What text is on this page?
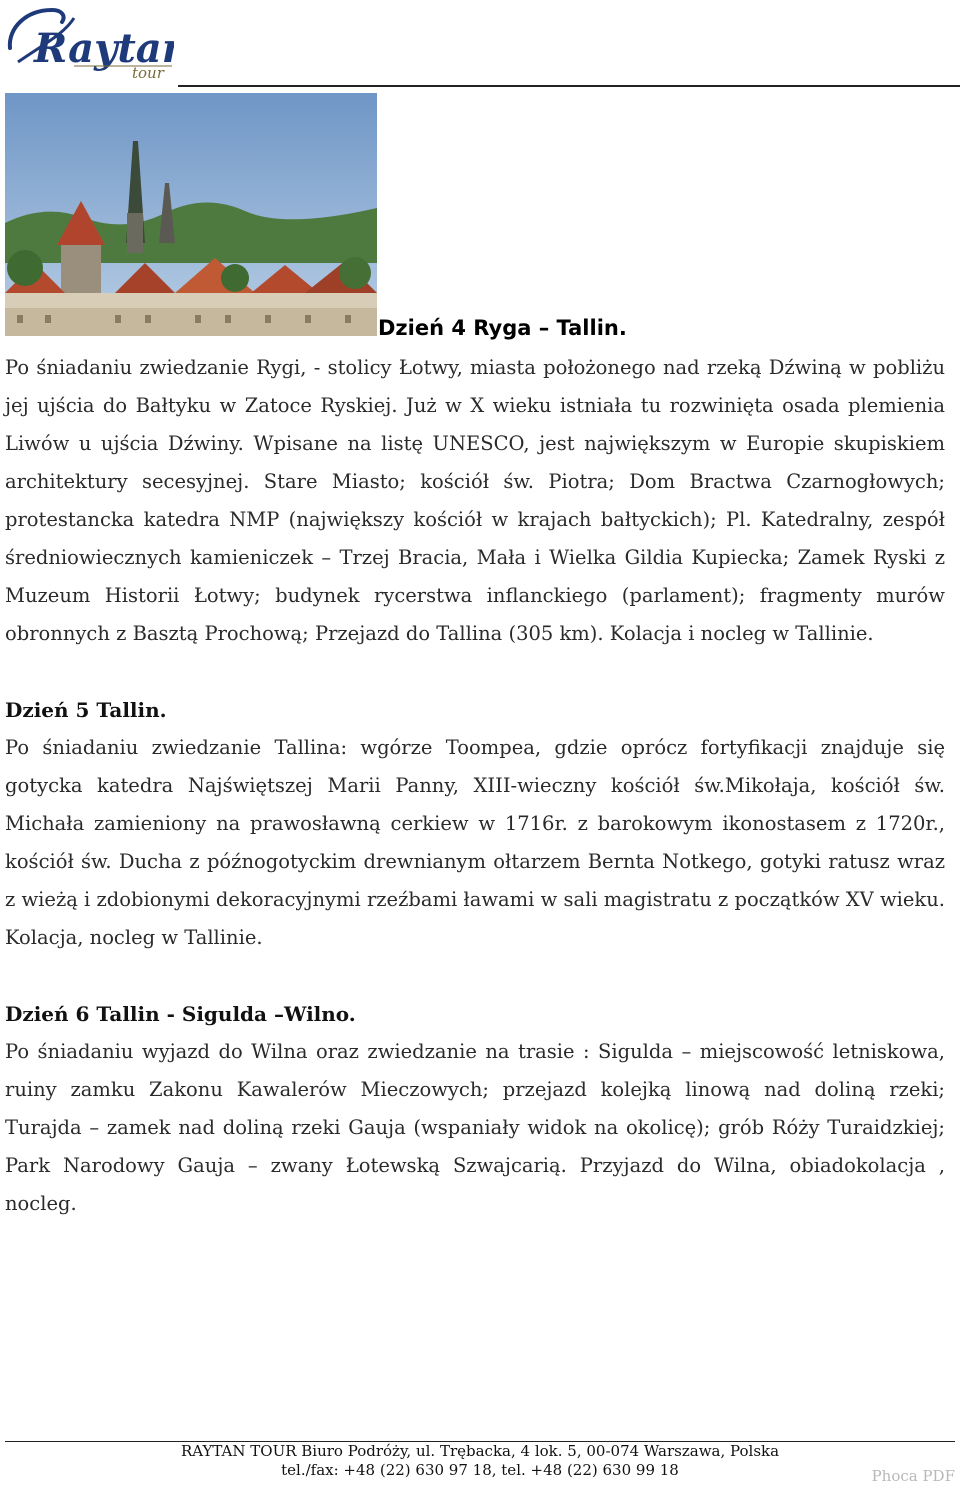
Rayta
tour
Dzień 4 Ryga – Tallin.

Po śniadaniu zwiedzanie Rygi, - stolicy Łotwy, miasta położonego nad rzeką Dźwiną w pobliżu jej ujścia do Bałtyku w Zatoce Ryskiej. Już w X wieku istniała tu rozwinięta osada plemienia Liwów u ujścia Dźwiny. Wpisane na listę UNESCO, jest największym w Europie skupiskiem architektury secesyjnej. Stare Miasto; kościół św. Piotra; Dom Bractwa Czarnogłowych; protestancka katedra NMP (największy kościół w krajach bałtyckich); Pl. Katedralny, zespół średniowiecznych kamieniczek – Trzej Bracia, Mała i Wielka Gildia Kupiecka; Zamek Ryski z Muzeum Historii Łotwy; budynek rycerstwa inflanckiego (parlament); fragmenty murów obronnych z Basztą Prochową; Przejazd do Tallina (305 km). Kolacja i nocleg w Tallinie.

Dzień 5 Tallin.

Po śniadaniu zwiedzanie Tallina: wgórze Toompea, gdzie oprócz fortyfikacji znajduje się gotycka katedra Najświętszej Marii Panny, XIII-wieczny kościół św.Mikołaja, kościół św. Michała zamieniony na prawosławną cerkiew w 1716r. z barokowym ikonostasem z 1720r., kościół św. Ducha z późnogotyckim drewnianym ołtarzem Bernta Notkego, gotyki ratusz wraz z wieżą i zdobionymi dekoracyjnymi rzeźbami ławami w sali magistratu z początków XV wieku. Kolacja, nocleg w Tallinie.

Dzień 6 Tallin - Sigulda –Wilno.

Po śniadaniu wyjazd do Wilna oraz zwiedzanie na trasie : Sigulda – miejscowość letniskowa, ruiny zamku Zakonu Kawalerów Mieczowych; przejazd kolejką linową nad doliną rzeki; Turajda – zamek nad doliną rzeki Gauja (wspaniały widok na okolicę); grób Róży Turaidzkiej; Park Narodowy Gauja – zwany Łotewską Szwajcarią. Przyjazd do Wilna, obiadokolacja , nocleg.

RAYTAN TOUR Biuro Podróży, ul. Trębacka, 4 lok. 5, 00-074 Warszawa, Polska
tel./fax: +48 (22) 630 97 18, tel. +48 (22) 630 99 18	Phoca PDF
